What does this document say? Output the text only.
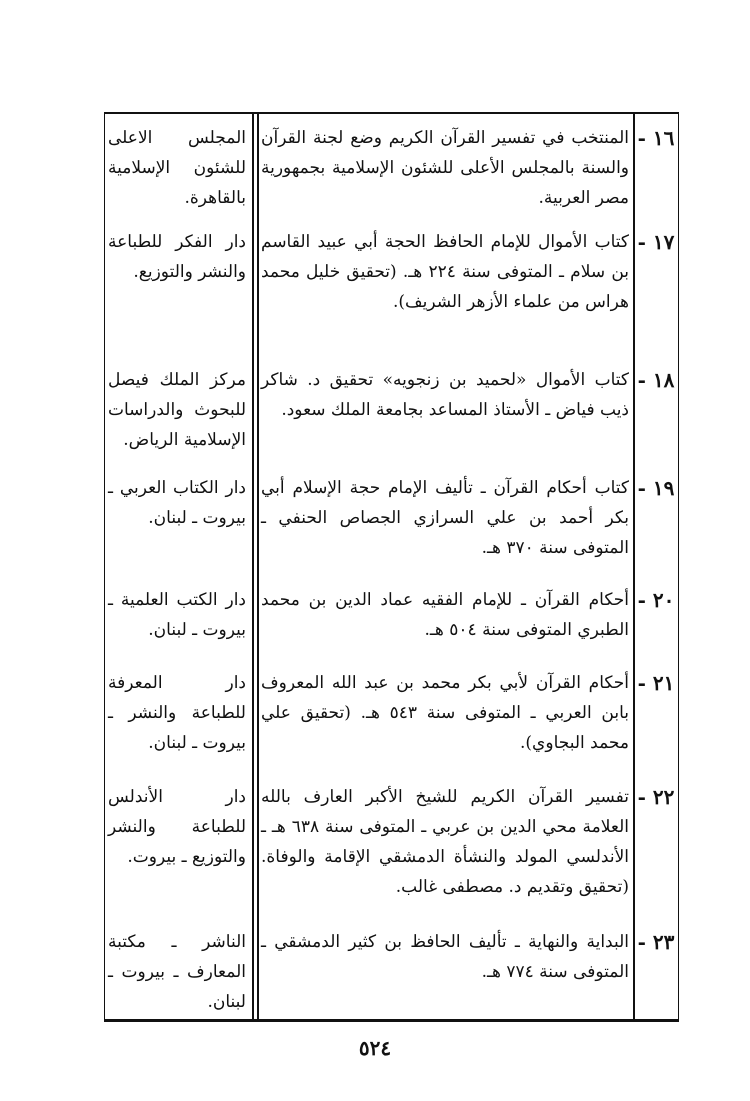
١٦ -
المنتخب في تفسير القرآن الكريم وضع لجنة القرآن والسنة بالمجلس الأعلى للشئون الإسلامية بجمهورية مصر العربية.
المجلس الاعلى للشئون الإسلامية بالقاهرة.
١٧ -
كتاب الأموال للإمام الحافظ الحجة أبي عبيد القاسم بن سلام ـ المتوفى سنة ٢٢٤ هـ. (تحقيق خليل محمد هراس من علماء الأزهر الشريف).
دار الفكر للطباعة والنشر والتوزيع.
١٨ -
كتاب الأموال «لحميد بن زنجويه» تحقيق د. شاكر ذيب فياض ـ الأستاذ المساعد بجامعة الملك سعود.
مركز الملك فيصل للبحوث والدراسات الإسلامية الرياض.
١٩ -
كتاب أحكام القرآن ـ تأليف الإمام حجة الإسلام أبي بكر أحمد بن علي السرازي الجصاص الحنفي ـ المتوفى سنة ٣٧٠ هـ.
دار الكتاب العربي ـ بيروت ـ لبنان.
٢٠ -
أحكام القرآن ـ للإمام الفقيه عماد الدين بن محمد الطبري المتوفى سنة ٥٠٤ هـ.
دار الكتب العلمية ـ بيروت ـ لبنان.
٢١ -
أحكام القرآن لأبي بكر محمد بن عبد الله المعروف بابن العربي ـ المتوفى سنة ٥٤٣ هـ. (تحقيق علي محمد البجاوي).
دار المعرفة للطباعة والنشر ـ بيروت ـ لبنان.
٢٢ -
تفسير القرآن الكريم للشيخ الأكبر العارف بالله العلامة محي الدين بن عربي ـ المتوفى سنة ٦٣٨ هـ ـ الأندلسي المولد والنشأة الدمشقي الإقامة والوفاة. (تحقيق وتقديم د. مصطفى غالب.
دار الأندلس للطباعة والنشر والتوزيع ـ بيروت.
٢٣ -
البداية والنهاية ـ تأليف الحافظ بن كثير الدمشقي ـ المتوفى سنة ٧٧٤ هـ.
الناشر ـ مكتبة المعارف ـ بيروت ـ لبنان.
٥٢٤
